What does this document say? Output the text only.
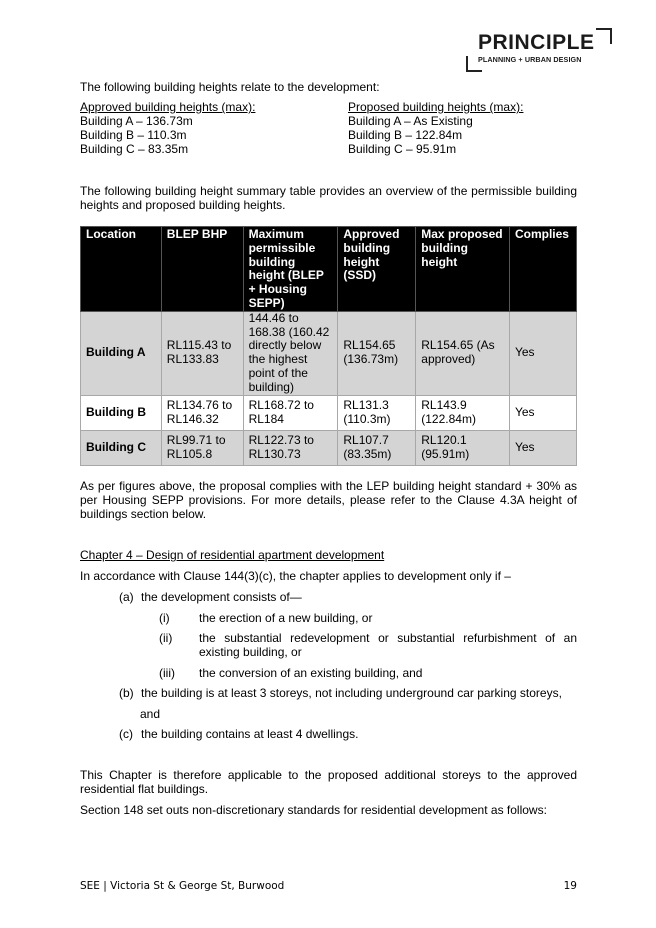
PRINCIPLE
PLANNING + URBAN DESIGN

The following building heights relate to the development:

Approved building heights (max):
Building A – 136.73m
Building B – 110.3m
Building C – 83.35m
Proposed building heights (max):
Building A – As Existing
Building B – 122.84m
Building C – 95.91m

The following building height summary table provides an overview of the permissible building heights and proposed building heights.

Location	BLEP BHP	Maximum permissible building height (BLEP + Housing SEPP)	Approved building height (SSD)	Max proposed building height	Complies
Building A	RL115.43 to RL133.83	144.46 to 168.38 (160.42 directly below the highest point of the building)	RL154.65 (136.73m)	RL154.65 (As approved)	Yes
Building B	RL134.76 to RL146.32	RL168.72 to RL184	RL131.3 (110.3m)	RL143.9 (122.84m)	Yes
Building C	RL99.71 to RL105.8	RL122.73 to RL130.73	RL107.7 (83.35m)	RL120.1 (95.91m)	Yes

As per figures above, the proposal complies with the LEP building height standard + 30% as per Housing SEPP provisions. For more details, please refer to the Clause 4.3A height of buildings section below.

Chapter 4 – Design of residential apartment development

In accordance with Clause 144(3)(c), the chapter applies to development only if –

(a) the development consists of—
(i) the erection of a new building, or
(ii) the substantial redevelopment or substantial refurbishment of an existing building, or
(iii) the conversion of an existing building, and
(b) the building is at least 3 storeys, not including underground car parking storeys,
and
(c) the building contains at least 4 dwellings.

This Chapter is therefore applicable to the proposed additional storeys to the approved residential flat buildings.

Section 148 set outs non-discretionary standards for residential development as follows:

SEE | Victoria St & George St, Burwood	19
